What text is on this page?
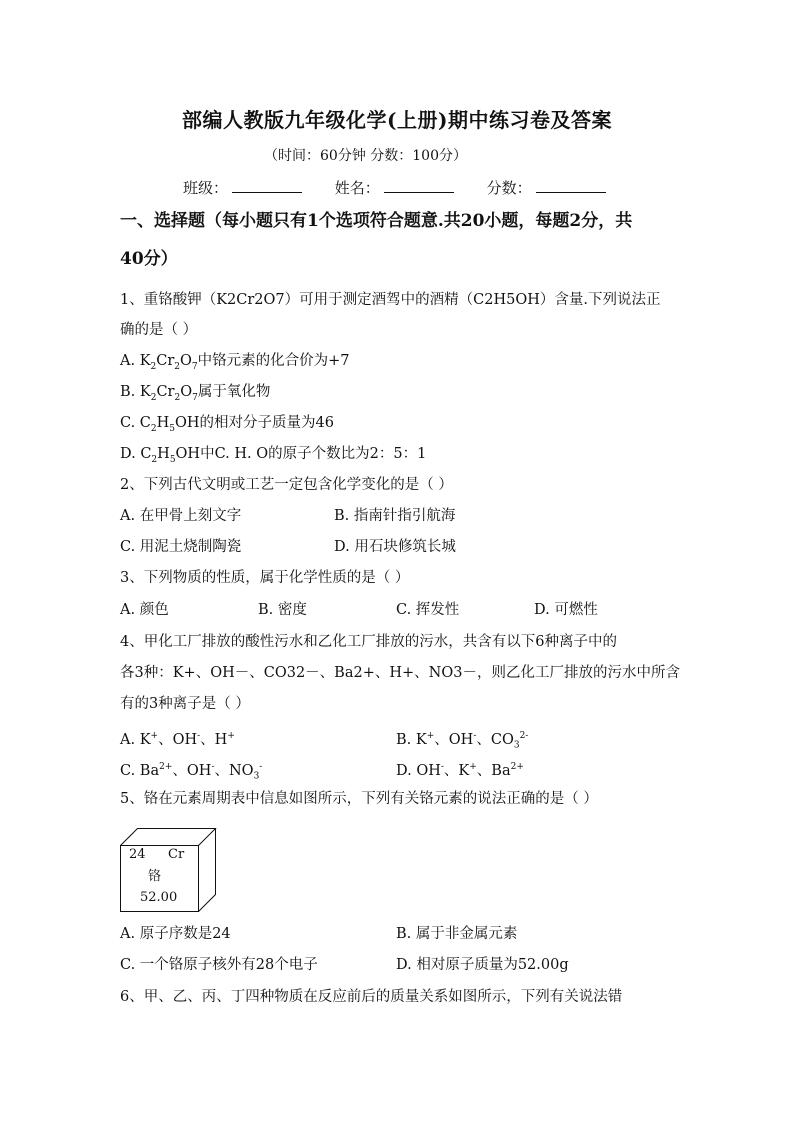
部编人教版九年级化学(上册)期中练习卷及答案
（时间：60分钟 分数：100分）
班级：	姓名：	分数：
一、选择题（每小题只有1个选项符合题意.共20小题，每题2分，共
40分）
1、重铬酸钾（K2Cr2O7）可用于测定酒驾中的酒精（C2H5OH）含量.下列说法正
确的是（ ）
A. $K_2Cr_2O_7$中铬元素的化合价为+7
B. $K_2Cr_2O_7$属于氧化物
C. $C_2H_5OH$的相对分子质量为46
D. $C_2H_5OH$中C. H. O的原子个数比为2：5：1
2、下列古代文明或工艺一定包含化学变化的是（ ）
A. 在甲骨上刻文字	B. 指南针指引航海
C. 用泥土烧制陶瓷	D. 用石块修筑长城
3、下列物质的性质，属于化学性质的是（ ）
A. 颜色	B. 密度	C. 挥发性	D. 可燃性
4、甲化工厂排放的酸性污水和乙化工厂排放的污水，共含有以下6种离子中的
各3种：K+、OH－、CO32－、Ba2+、H+、NO3－，则乙化工厂排放的污水中所含
有的3种离子是（ ）
A. K+、OH-、H+	B. K+、OH-、$CO_3^{2-}$
C. $Ba^{2+}$、OH-、$NO_3^-$	D. OH-、K+、$Ba^{2+}$
5、铬在元素周期表中信息如图所示，下列有关铬元素的说法正确的是（ ）
24 Cr
铬
52.00
A. 原子序数是24	B. 属于非金属元素
C. 一个铬原子核外有28个电子	D. 相对原子质量为52.00g
6、甲、乙、丙、丁四种物质在反应前后的质量关系如图所示，下列有关说法错
